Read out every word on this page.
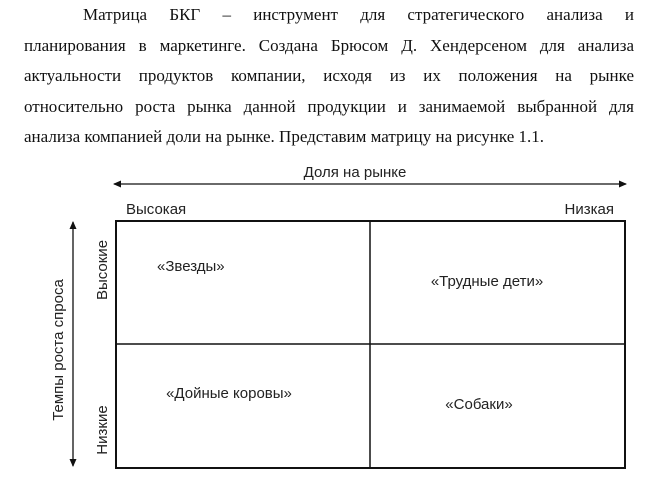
Матрица БКГ – инструмент для стратегического анализа и
планирования в маркетинге. Создана Брюсом Д. Хендерсеном для анализа
актуальности продуктов компании, исходя из их положения на рынке
относительно роста рынка данной продукции и занимаемой выбранной для
анализа компанией доли на рынке. Представим матрицу на рисунке 1.1.
Доля на рынке
Темпы роста спроса
Высокая	Низкая
Высокие
Низкие
«Звезды»
«Трудные дети»
«Дойные коровы»
«Собаки»
